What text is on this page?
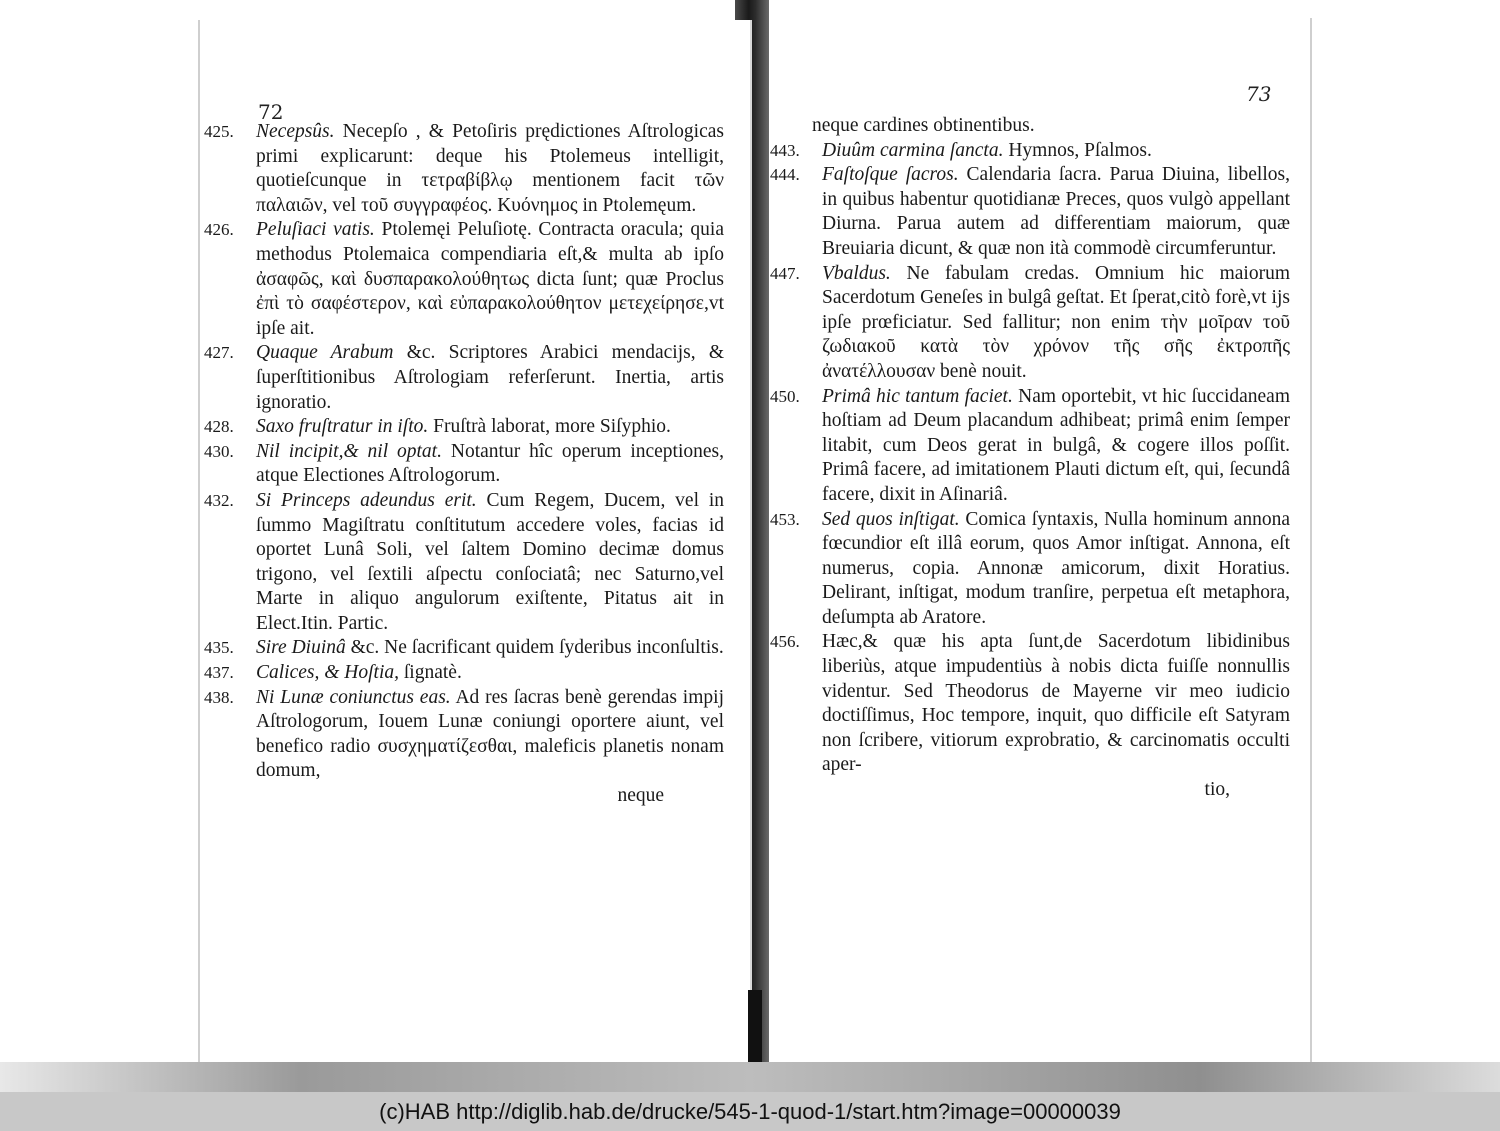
72
425.	Necepsûs. Necepſo , & Petoſiris prędictiones Aſtrologicas primi explicarunt: deque his Ptolemeus intelligit, quotieſcunque in τετραβίβλῳ mentionem facit τῶν παλαιῶν, vel τοῦ συγγραφέος. Κυόνημος in Ptolemęum.
426.	Peluſiaci vatis. Ptolemęi Peluſiotę. Contracta oracula; quia methodus Ptolemaica compendiaria eſt,& multa ab ipſo ἀσαφῶς, καὶ δυσπαρακολούθητως dicta ſunt; quæ Proclus ἐπὶ τὸ σαφέστερον, καὶ εὐπαρακολούθητον μετεχείρησε,vt ipſe ait.
427.	Quaque Arabum &c. Scriptores Arabici mendacijs, & ſuperſtitionibus Aſtrologiam referſerunt. Inertia, artis ignoratio.
428.	Saxo fruſtratur in iſto. Fruſtrà laborat, more Siſyphio.
430.	Nil incipit,& nil optat. Notantur hîc operum inceptiones, atque Electiones Aſtrologorum.
432.	Si Princeps adeundus erit. Cum Regem, Ducem, vel in ſummo Magiſtratu conſtitutum accedere voles, facias id oportet Lunâ Soli, vel ſaltem Domino decimæ domus trigono, vel ſextili aſpectu conſociatâ; nec Saturno,vel Marte in aliquo angulorum exiſtente, Pitatus ait in Elect.Itin. Partic.
435.	Sire Diuinâ &c. Ne ſacrificant quidem ſyderibus inconſultis.
437.	Calices, & Hoſtia, ſignatè.
438.	Ni Lunæ coniunctus eas. Ad res ſacras benè gerendas impij Aſtrologorum, Iouem Lunæ coniungi oportere aiunt, vel benefico radio συσχηματίζεσθαι, maleficis planetis nonam domum,
neque
73
neque cardines obtinentibus.
443.	Diuûm carmina ſancta. Hymnos, Pſalmos.
444.	Faſtoſque ſacros. Calendaria ſacra. Parua Diuina, libellos, in quibus habentur quotidianæ Preces, quos vulgò appellant Diurna. Parua autem ad differentiam maiorum, quæ Breuiaria dicunt, & quæ non ità commodè circumferuntur.
447.	Vbaldus. Ne fabulam credas. Omnium hic maiorum Sacerdotum Geneſes in bulgâ geſtat. Et ſperat,citò forè,vt ijs ipſe prœficiatur. Sed fallitur; non enim τὴν μοῖραν τοῦ ζωδιακοῦ κατὰ τὸν χρόνον τῆς σῆς ἐκτροπῆς ἀνατέλλουσαν benè nouit.
450.	Primâ hic tantum faciet. Nam oportebit, vt hic ſuccidaneam hoſtiam ad Deum placandum adhibeat; primâ enim ſemper litabit, cum Deos gerat in bulgâ, & cogere illos poſſit. Primâ facere, ad imitationem Plauti dictum eſt, qui, ſecundâ facere, dixit in Aſinariâ.
453.	Sed quos inſtigat. Comica ſyntaxis, Nulla hominum annona fœcundior eſt illâ eorum, quos Amor inſtigat. Annona, eſt numerus, copia. Annonæ amicorum, dixit Horatius. Delirant, inſtigat, modum tranſire, perpetua eſt metaphora, deſumpta ab Aratore.
456.	Hæc,& quæ his apta ſunt,de Sacerdotum libidinibus liberiùs, atque impudentiùs à nobis dicta fuiſſe nonnullis videntur. Sed Theodorus de Mayerne vir meo iudicio doctiſſimus, Hoc tempore, inquit, quo difficile eſt Satyram non ſcribere, vitiorum exprobratio, & carcinomatis occulti aper-
tio,
(c)HAB http://diglib.hab.de/drucke/545-1-quod-1/start.htm?image=00000039
